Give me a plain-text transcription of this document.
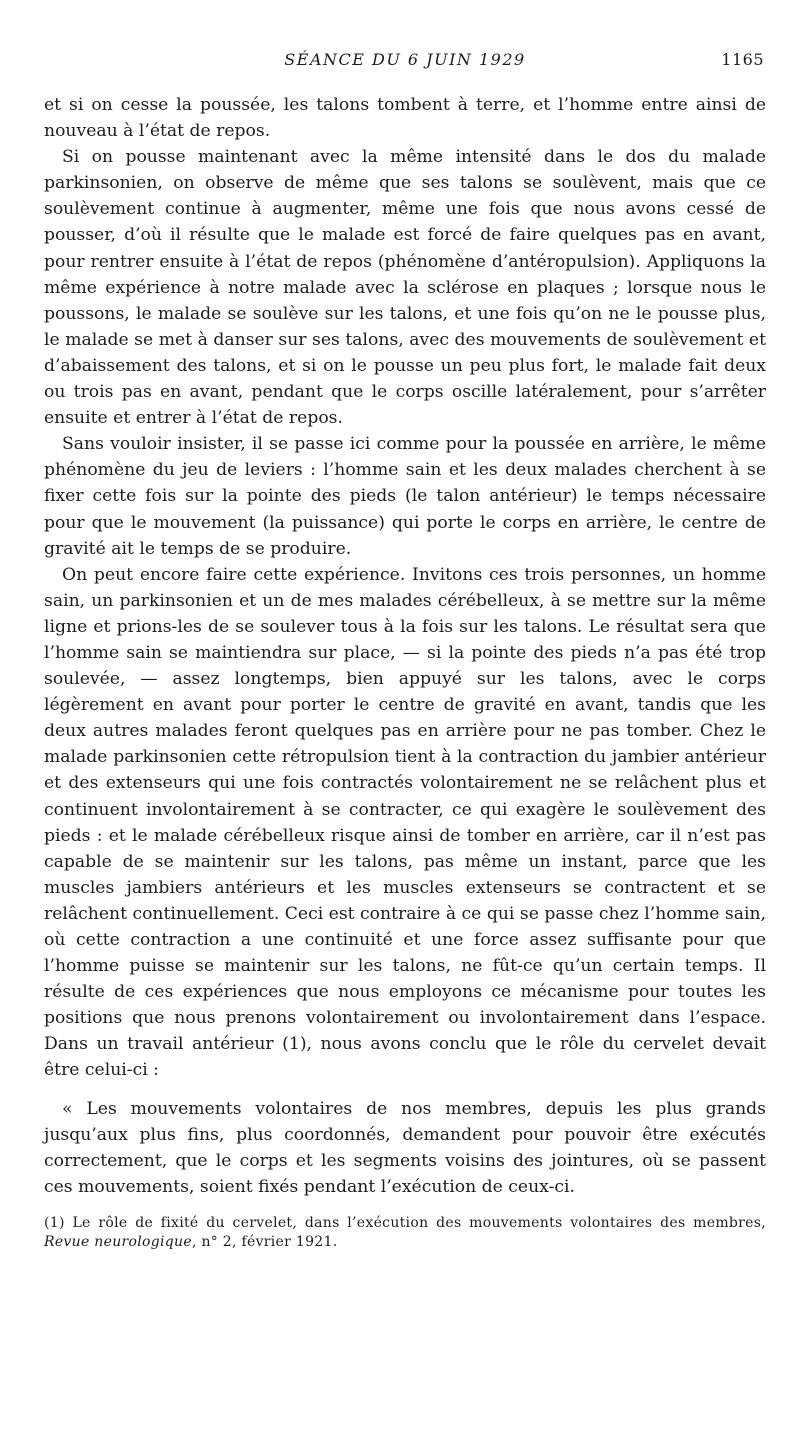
SÉANCE DU 6 JUIN 1929	1165

et si on cesse la poussée, les talons tombent à terre, et l’homme entre ainsi de nouveau à l’état de repos.

Si on pousse maintenant avec la même intensité dans le dos du malade parkinsonien, on observe de même que ses talons se soulèvent, mais que ce soulèvement continue à augmenter, même une fois que nous avons cessé de pousser, d’où il résulte que le malade est forcé de faire quelques pas en avant, pour rentrer ensuite à l’état de repos (phénomène d’antéropulsion). Appliquons la même expérience à notre malade avec la sclérose en plaques ; lorsque nous le poussons, le malade se soulève sur les talons, et une fois qu’on ne le pousse plus, le malade se met à danser sur ses talons, avec des mouvements de soulèvement et d’abaissement des talons, et si on le pousse un peu plus fort, le malade fait deux ou trois pas en avant, pendant que le corps oscille latéralement, pour s’arrêter ensuite et entrer à l’état de repos.

Sans vouloir insister, il se passe ici comme pour la poussée en arrière, le même phénomène du jeu de leviers : l’homme sain et les deux malades cherchent à se fixer cette fois sur la pointe des pieds (le talon antérieur) le temps nécessaire pour que le mouvement (la puissance) qui porte le corps en arrière, le centre de gravité ait le temps de se produire.

On peut encore faire cette expérience. Invitons ces trois personnes, un homme sain, un parkinsonien et un de mes malades cérébelleux, à se mettre sur la même ligne et prions-les de se soulever tous à la fois sur les talons. Le résultat sera que l’homme sain se maintiendra sur place, — si la pointe des pieds n’a pas été trop soulevée, — assez longtemps, bien appuyé sur les talons, avec le corps légèrement en avant pour porter le centre de gravité en avant, tandis que les deux autres malades feront quelques pas en arrière pour ne pas tomber. Chez le malade parkinsonien cette rétropulsion tient à la contraction du jambier antérieur et des extenseurs qui une fois contractés volontairement ne se relâchent plus et continuent involontairement à se contracter, ce qui exagère le soulèvement des pieds : et le malade cérébelleux risque ainsi de tomber en arrière, car il n’est pas capable de se maintenir sur les talons, pas même un instant, parce que les muscles jambiers antérieurs et les muscles extenseurs se contractent et se relâchent continuellement. Ceci est contraire à ce qui se passe chez l’homme sain, où cette contraction a une continuité et une force assez suffisante pour que l’homme puisse se maintenir sur les talons, ne fût-ce qu’un certain temps. Il résulte de ces expériences que nous employons ce mécanisme pour toutes les positions que nous prenons volontairement ou involontairement dans l’espace. Dans un travail antérieur (1), nous avons conclu que le rôle du cervelet devait être celui-ci :

« Les mouvements volontaires de nos membres, depuis les plus grands jusqu’aux plus fins, plus coordonnés, demandent pour pouvoir être exécutés correctement, que le corps et les segments voisins des jointures, où se passent ces mouvements, soient fixés pendant l’exécution de ceux-ci.

(1) Le rôle de fixité du cervelet, dans l’exécution des mouvements volontaires des membres, Revue neurologique, n° 2, février 1921.
